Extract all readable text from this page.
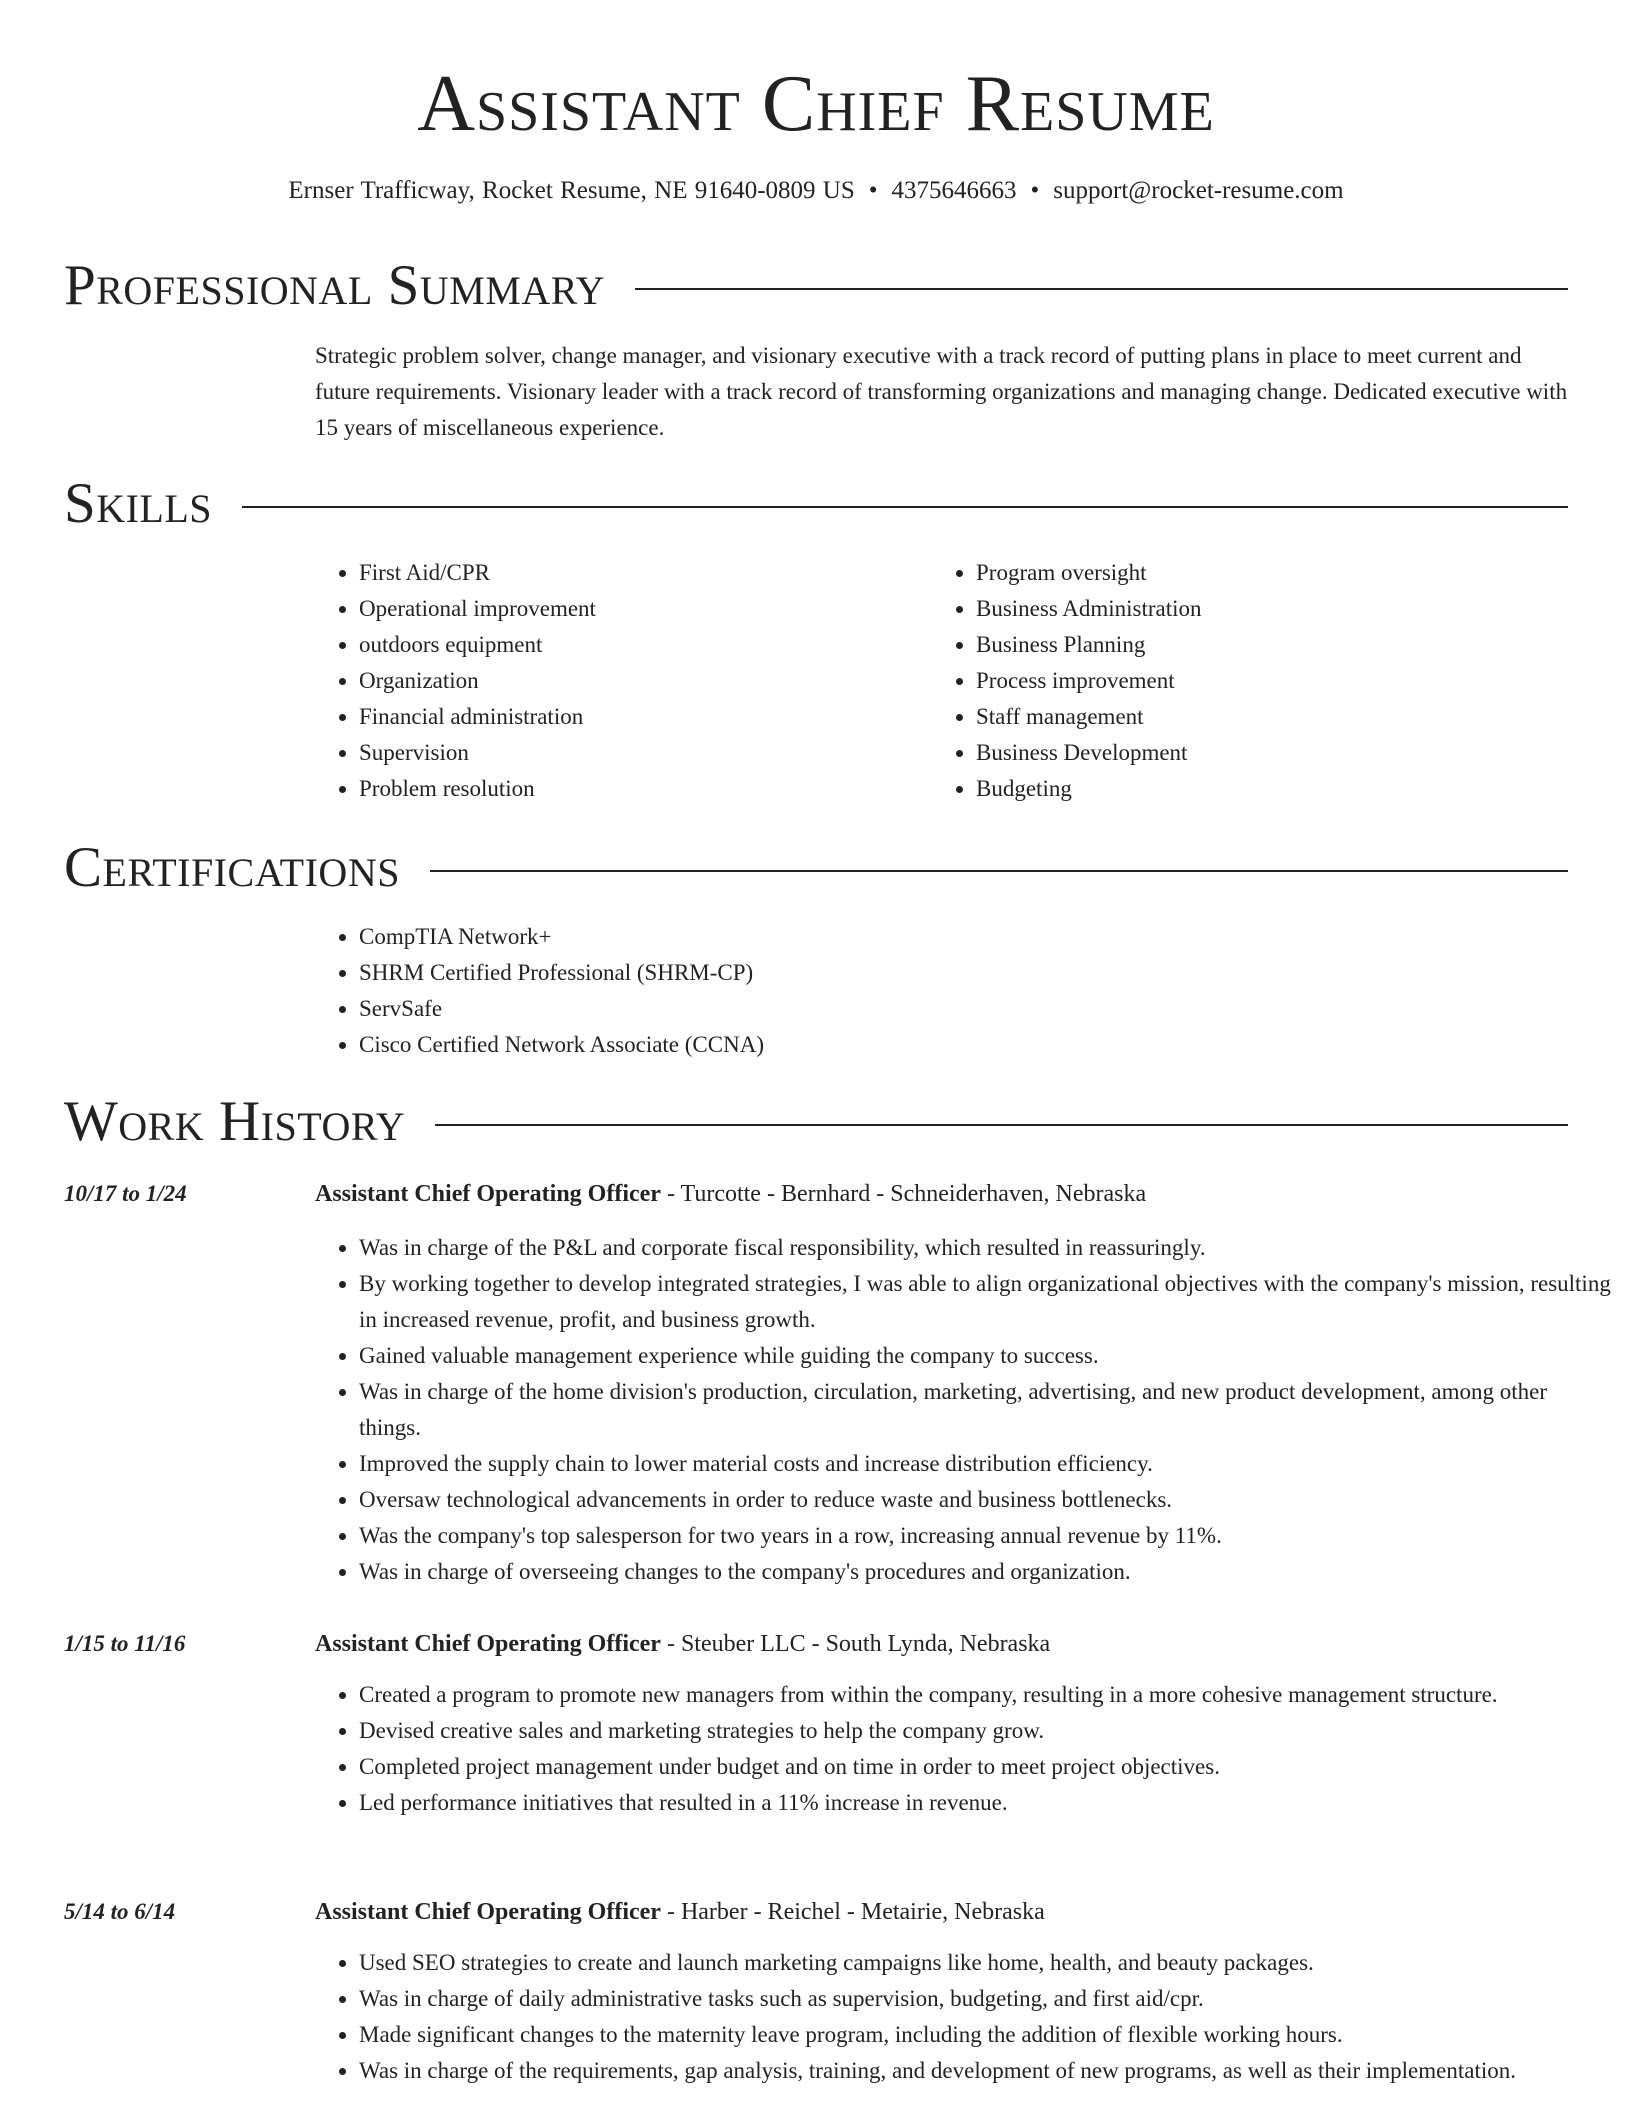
Assistant Chief Resume
Ernser Trafficway, Rocket Resume, NE 91640-0809 US • 4375646663 • support@rocket-resume.com
Professional Summary

Strategic problem solver, change manager, and visionary executive with a track record of putting plans in place to meet current and future requirements. Visionary leader with a track record of transforming organizations and managing change. Dedicated executive with 15 years of miscellaneous experience.

Skills
• First Aid/CPR
• Operational improvement
• outdoors equipment
• Organization
• Financial administration
• Supervision
• Problem resolution
• Program oversight
• Business Administration
• Business Planning
• Process improvement
• Staff management
• Business Development
• Budgeting
Certifications
• CompTIA Network+
• SHRM Certified Professional (SHRM-CP)
• ServSafe
• Cisco Certified Network Associate (CCNA)
Work History
10/17 to 1/24	Assistant Chief Operating Officer - Turcotte - Bernhard - Schneiderhaven, Nebraska
• Was in charge of the P&L and corporate fiscal responsibility, which resulted in reassuringly.
• By working together to develop integrated strategies, I was able to align organizational objectives with the company's mission, resulting in increased revenue, profit, and business growth.
• Gained valuable management experience while guiding the company to success.
• Was in charge of the home division's production, circulation, marketing, advertising, and new product development, among other things.
• Improved the supply chain to lower material costs and increase distribution efficiency.
• Oversaw technological advancements in order to reduce waste and business bottlenecks.
• Was the company's top salesperson for two years in a row, increasing annual revenue by 11%.
• Was in charge of overseeing changes to the company's procedures and organization.
1/15 to 11/16	Assistant Chief Operating Officer - Steuber LLC - South Lynda, Nebraska
• Created a program to promote new managers from within the company, resulting in a more cohesive management structure.
• Devised creative sales and marketing strategies to help the company grow.
• Completed project management under budget and on time in order to meet project objectives.
• Led performance initiatives that resulted in a 11% increase in revenue.
5/14 to 6/14	Assistant Chief Operating Officer - Harber - Reichel - Metairie, Nebraska
• Used SEO strategies to create and launch marketing campaigns like home, health, and beauty packages.
• Was in charge of daily administrative tasks such as supervision, budgeting, and first aid/cpr.
• Made significant changes to the maternity leave program, including the addition of flexible working hours.
• Was in charge of the requirements, gap analysis, training, and development of new programs, as well as their implementation.
